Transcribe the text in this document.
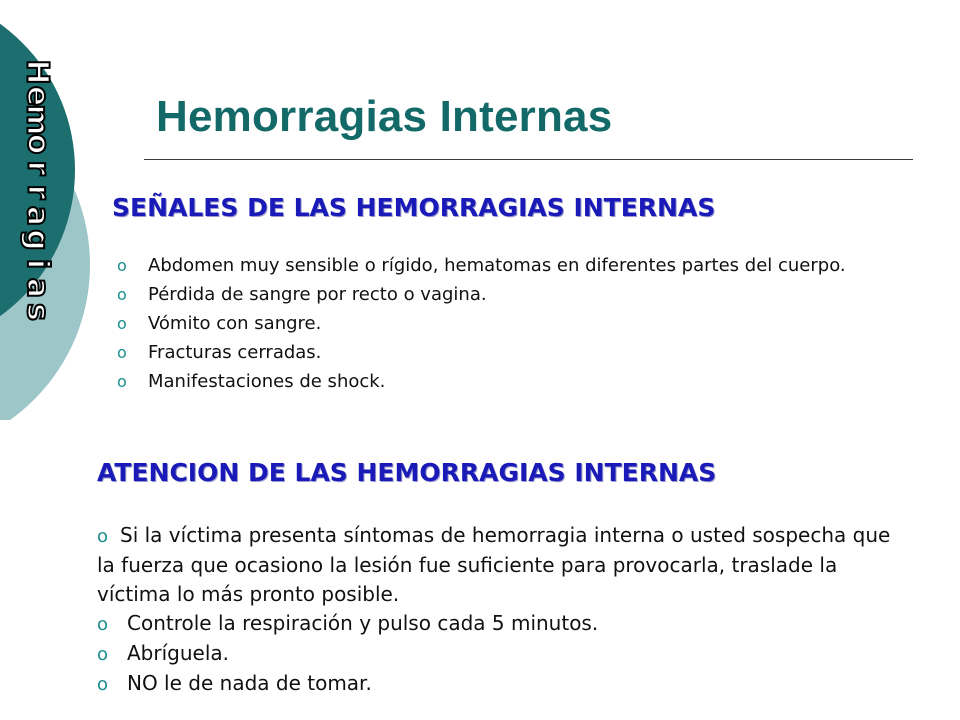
H
e
m
o
r
r
a
g
i
a
s
Hemorragias Internas
SEÑALES DE LAS HEMORRAGIAS INTERNAS
o	Abdomen muy sensible o rígido, hematomas en diferentes partes del cuerpo.
o	Pérdida de sangre por recto o vagina.
o	Vómito con sangre.
o	Fracturas cerradas.
o	Manifestaciones de shock.
ATENCION DE LAS HEMORRAGIAS INTERNAS

o Si la víctima presenta síntomas de hemorragia interna o usted sospecha que la fuerza que ocasiono la lesión fue suficiente para provocarla, traslade la víctima lo más pronto posible.

o Controle la respiración y pulso cada 5 minutos.

o Abríguela.

o NO le de nada de tomar.
